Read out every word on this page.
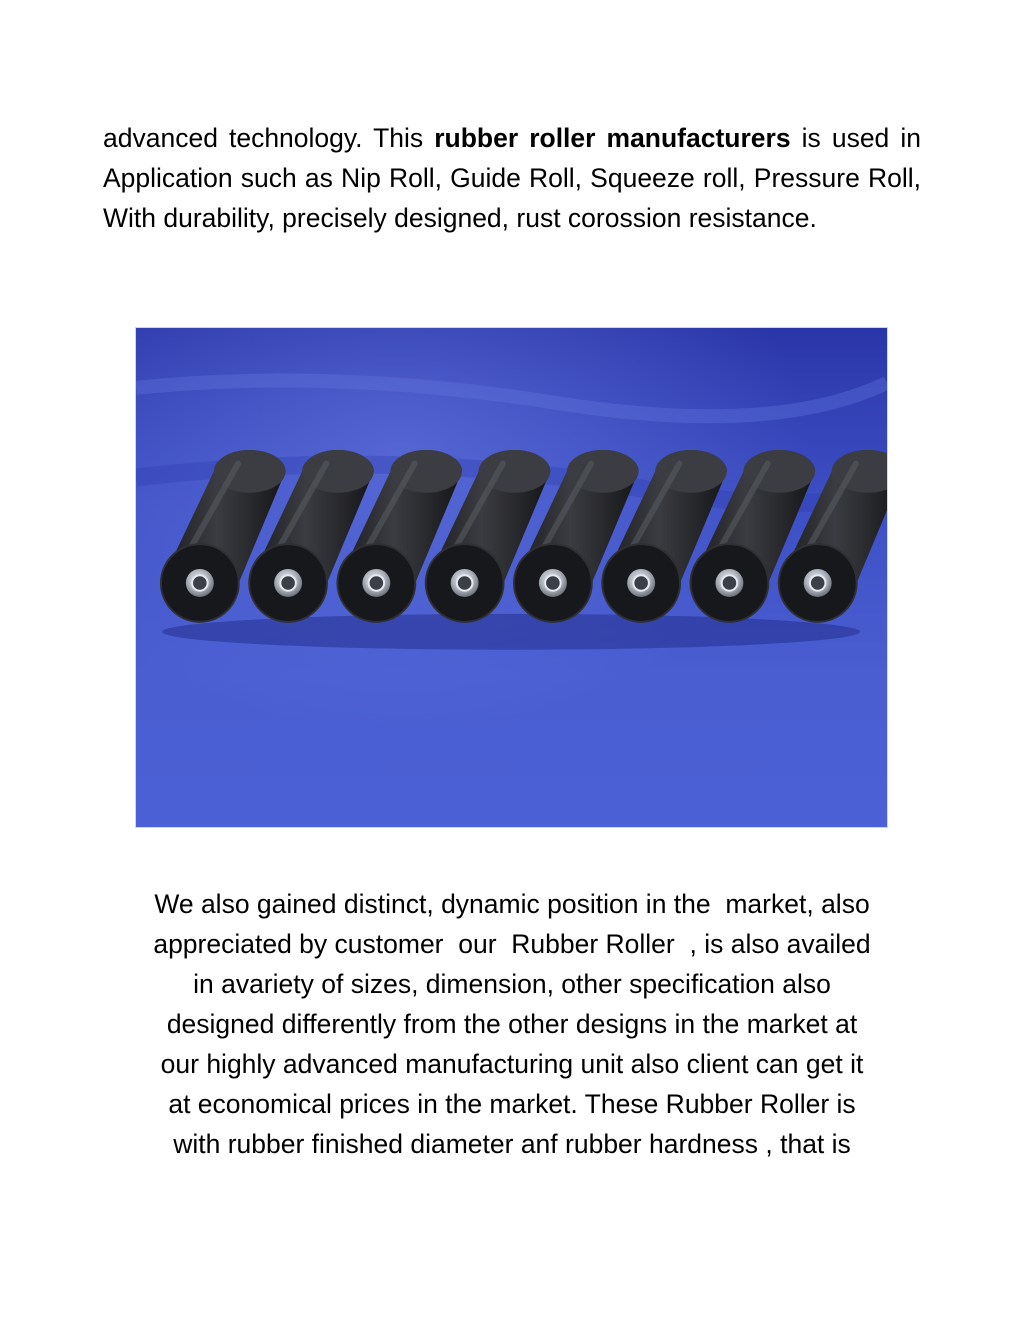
advanced technology. This rubber roller manufacturers is used in Application such as Nip Roll, Guide Roll, Squeeze roll, Pressure Roll, With durability, precisely designed, rust corossion resistance.

We also gained distinct, dynamic position in the  market, also
appreciated by customer  our  Rubber Roller  , is also availed
in avariety of sizes, dimension, other specification also
designed differently from the other designs in the market at
our highly advanced manufacturing unit also client can get it
at economical prices in the market. These Rubber Roller is
with rubber finished diameter anf rubber hardness , that is
